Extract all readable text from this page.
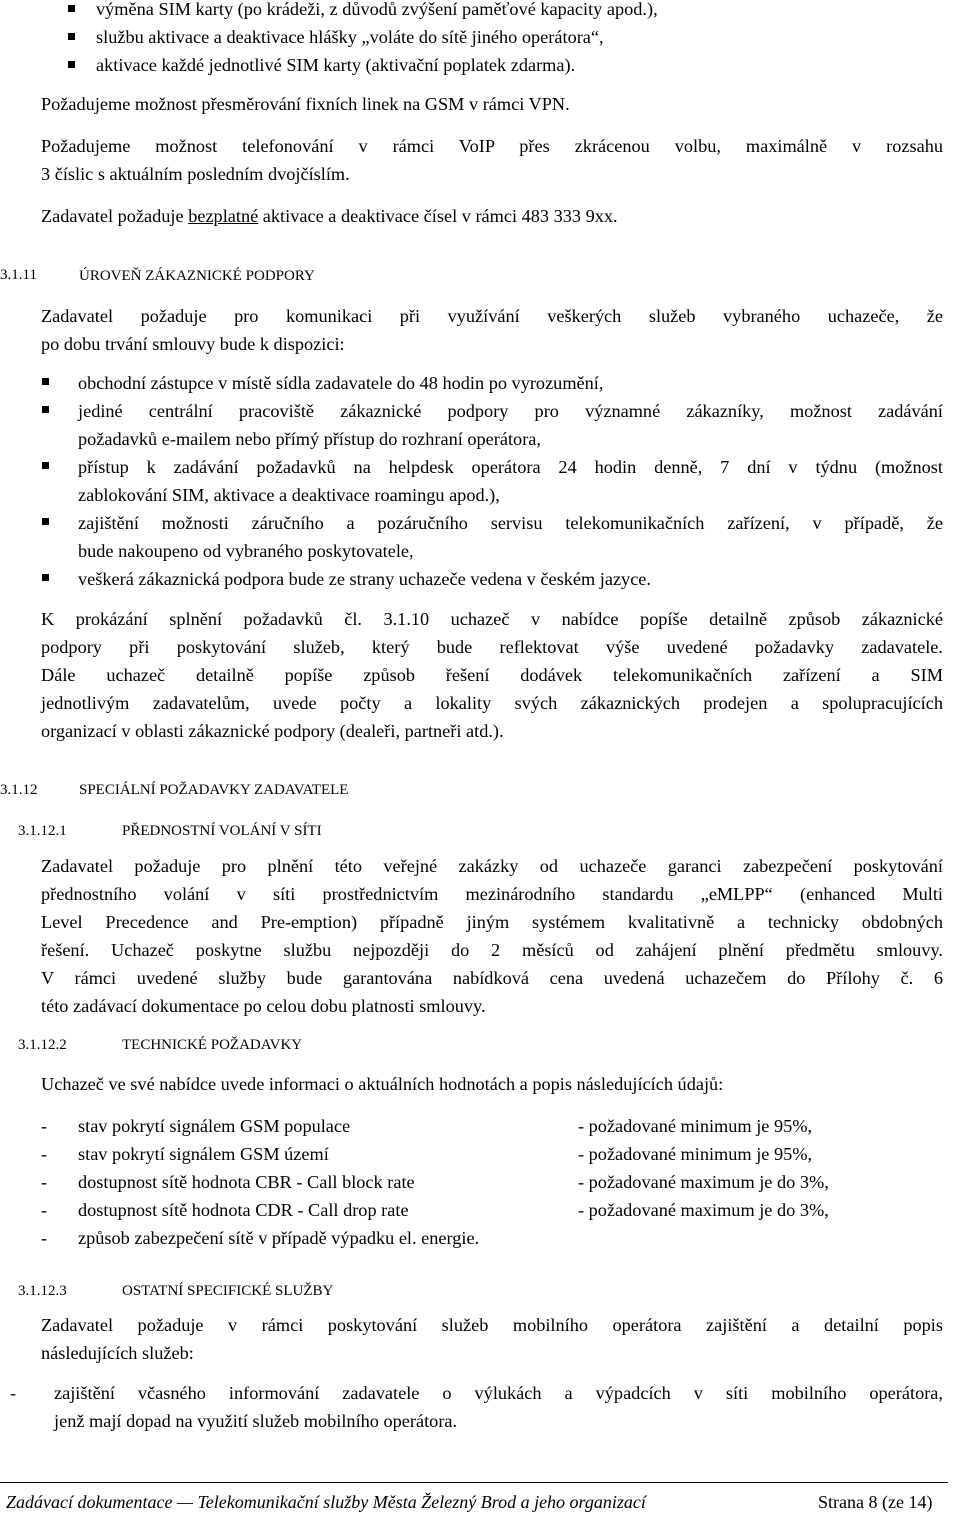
výměna SIM karty (po krádeži, z důvodů zvýšení paměťové kapacity apod.),
službu aktivace a deaktivace hlášky „voláte do sítě jiného operátora“,
aktivace každé jednotlivé SIM karty (aktivační poplatek zdarma).
Požadujeme možnost přesměrování fixních linek na GSM v rámci VPN.
Požadujeme možnost telefonování v rámci VoIP přes zkrácenou volbu, maximálně v rozsahu
3 číslic s aktuálním posledním dvojčíslím.
Zadavatel požaduje bezplatné aktivace a deaktivace čísel v rámci 483 333 9xx.
3.1.11	ÚROVEŇ ZÁKAZNICKÉ PODPORY
Zadavatel požaduje pro komunikaci při využívání veškerých služeb vybraného uchazeče, že
po dobu trvání smlouvy bude k dispozici:
obchodní zástupce v místě sídla zadavatele do 48 hodin po vyrozumění,
jediné centrální pracoviště zákaznické podpory pro významné zákazníky, možnost zadávání
požadavků e-mailem nebo přímý přístup do rozhraní operátora,
přístup k zadávání požadavků na helpdesk operátora 24 hodin denně, 7 dní v týdnu (možnost
zablokování SIM, aktivace a deaktivace roamingu apod.),
zajištění možnosti záručního a pozáručního servisu telekomunikačních zařízení, v případě, že
bude nakoupeno od vybraného poskytovatele,
veškerá zákaznická podpora bude ze strany uchazeče vedena v českém jazyce.
K prokázání splnění požadavků čl. 3.1.10 uchazeč v nabídce popíše detailně způsob zákaznické
podpory při poskytování služeb, který bude reflektovat výše uvedené požadavky zadavatele.
Dále uchazeč detailně popíše způsob řešení dodávek telekomunikačních zařízení a SIM
jednotlivým zadavatelům, uvede počty a lokality svých zákaznických prodejen a spolupracujících
organizací v oblasti zákaznické podpory (dealeři, partneři atd.).
3.1.12	SPECIÁLNÍ POŽADAVKY ZADAVATELE
3.1.12.1	PŘEDNOSTNÍ VOLÁNÍ V SÍTI
Zadavatel požaduje pro plnění této veřejné zakázky od uchazeče garanci zabezpečení poskytování
přednostního volání v síti prostřednictvím mezinárodního standardu „eMLPP“ (enhanced Multi
Level Precedence and Pre-emption) případně jiným systémem kvalitativně a technicky obdobných
řešení. Uchazeč poskytne službu nejpozději do 2 měsíců od zahájení plnění předmětu smlouvy.
V rámci uvedené služby bude garantována nabídková cena uvedená uchazečem do Přílohy č. 6
této zadávací dokumentace po celou dobu platnosti smlouvy.
3.1.12.2	TECHNICKÉ POŽADAVKY
Uchazeč ve své nabídce uvede informaci o aktuálních hodnotách a popis následujících údajů:
- stav pokrytí signálem GSM populace	- požadované minimum je 95%,
- stav pokrytí signálem GSM území	- požadované minimum je 95%,
- dostupnost sítě hodnota CBR - Call block rate	- požadované maximum je do 3%,
- dostupnost sítě hodnota CDR - Call drop rate	- požadované maximum je do 3%,
- způsob zabezpečení sítě v případě výpadku el. energie.
3.1.12.3	OSTATNÍ SPECIFICKÉ SLUŽBY
Zadavatel požaduje v rámci poskytování služeb mobilního operátora zajištění a detailní popis
následujících služeb:
- zajištění včasného informování zadavatele o výlukách a výpadcích v síti mobilního operátora,
jenž mají dopad na využití služeb mobilního operátora.
Zadávací dokumentace — Telekomunikační služby Města Železný Brod a jeho organizací	Strana 8 (ze 14)
